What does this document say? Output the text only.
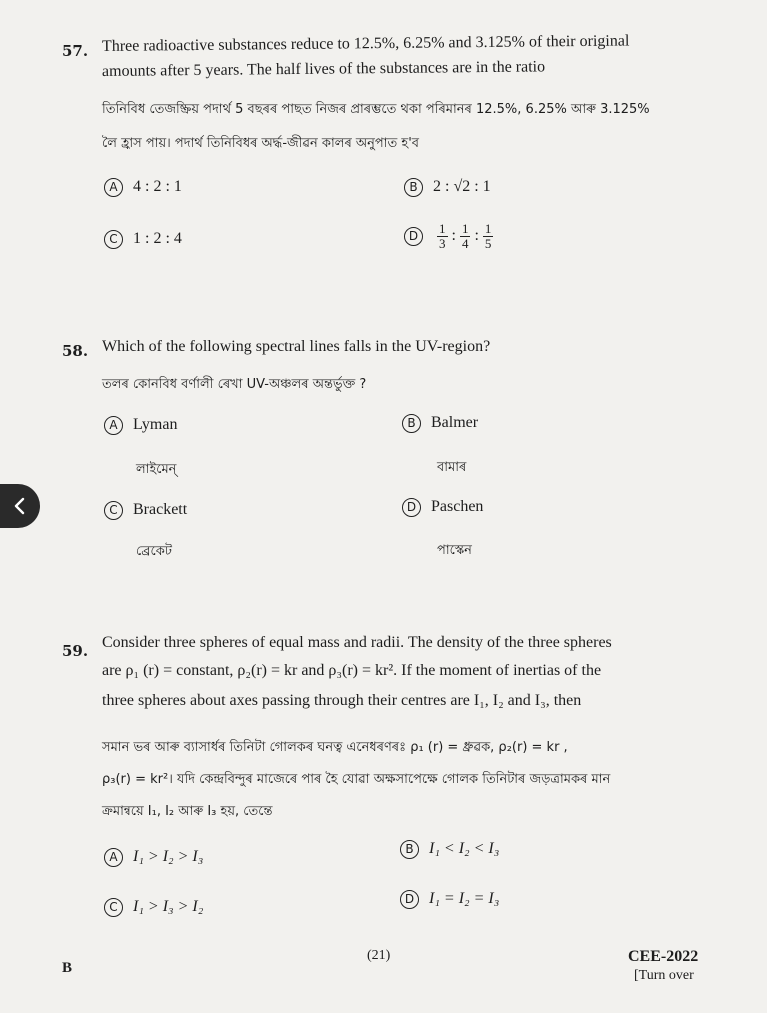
57. Three radioactive substances reduce to 12.5%, 6.25% and 3.125% of their original
amounts after 5 years. The half lives of the substances are in the ratio
তিনিবিধ তেজষ্ক্রিয় পদাৰ্থ 5 বছৰৰ পাছত নিজৰ প্ৰাৰম্ভতে থকা পৰিমানৰ 12.5%, 6.25% আৰু 3.125%
লৈ হ্ৰাস পায়। পদাৰ্থ তিনিবিধৰ অৰ্দ্ধ-জীৱন কালৰ অনুপাত হ'ব
A 4 : 2 : 1	B 2 : √2 : 1
C 1 : 2 : 4	D $\frac{1}{3}$ : $\frac{1}{4}$ : $\frac{1}{5}$
58. Which of the following spectral lines falls in the UV-region?
তলৰ কোনবিধ বৰ্ণালী ৰেখা UV-অঞ্চলৰ অন্তৰ্ভুক্ত ?
A Lyman
লাইমেন্
B Balmer
বামাৰ
C Brackett
ব্ৰেকেট
D Paschen
পাস্কেন
59. Consider three spheres of equal mass and radii. The density of the three spheres
are ρ₁ (r) = constant, ρ₂(r) = kr and ρ₃(r) = kr². If the moment of inertias of the
three spheres about axes passing through their centres are I₁, I₂ and I₃, then
সমান ভৰ আৰু ব্যাসাৰ্ধৰ তিনিটা গোলকৰ ঘনত্ব এনেধৰণৰঃ ρ₁ (r) = ধ্ৰুৱক, ρ₂(r) = kr ,
ρ₃(r) = kr²। যদি কেন্দ্ৰবিন্দুৰ মাজেৰে পাৰ হৈ যোৱা অক্ষসাপেক্ষে গোলক তিনিটাৰ জড়ত্ৰামকৰ মান
ক্ৰমান্বয়ে I₁, I₂ আৰু I₃ হয়, তেন্তে
A I₁ > I₂ > I₃	B I₁ < I₂ < I₃
C I₁ > I₃ > I₂	D I₁ = I₂ = I₃
B
(21)	CEE-2022
[Turn over
